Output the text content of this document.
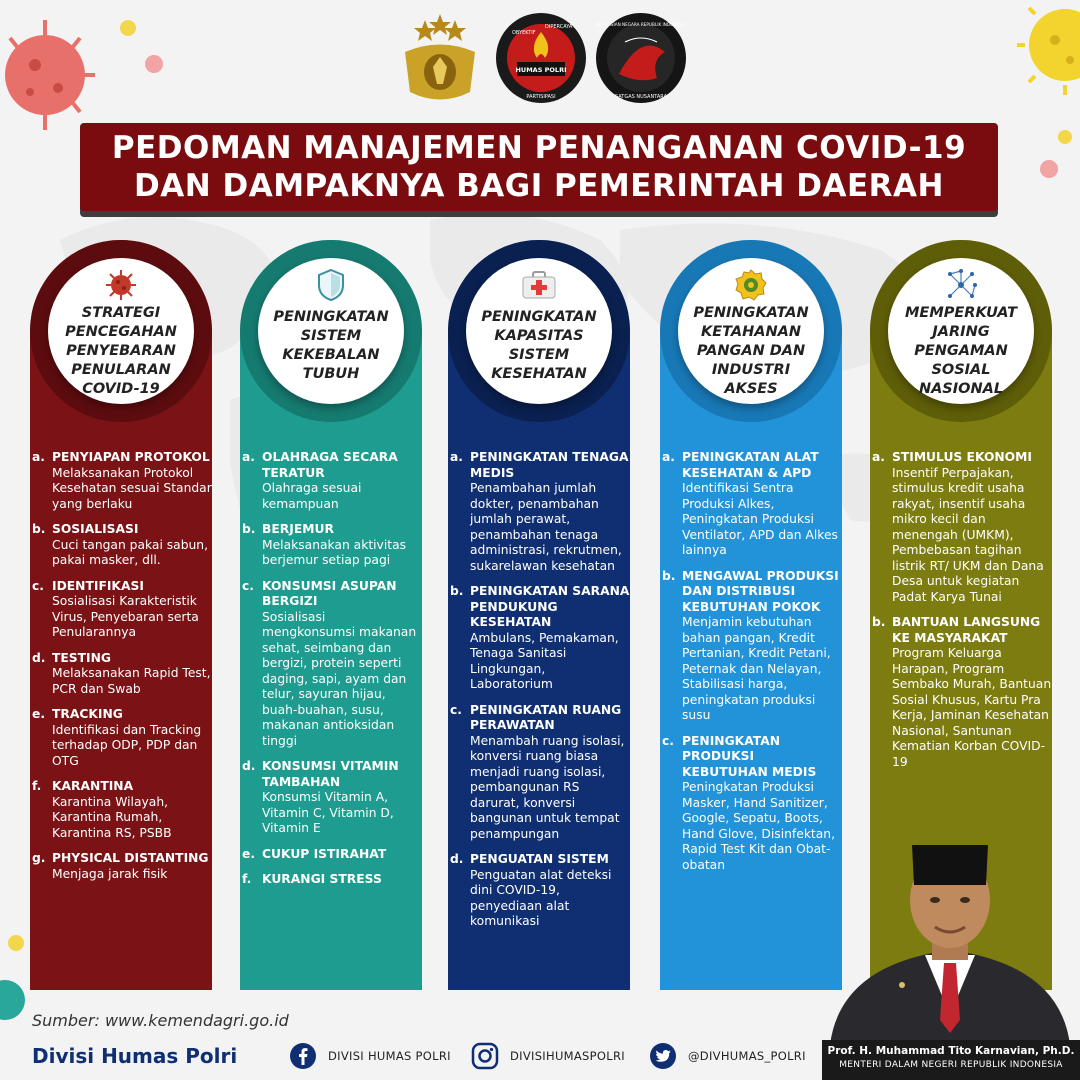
HUMAS POLRI
OBYEKTIF
DIPERCAYA
PARTISIPASI
KEPOLISIAN NEGARA REPUBLIK INDONESIA
SATGAS NUSANTARA
PEDOMAN MANAJEMEN PENANGANAN COVID-19
DAN DAMPAKNYA BAGI PEMERINTAH DAERAH
STRATEGI
PENCEGAHAN
PENYEBARAN
PENULARAN
COVID-19
a. PENYIAPAN PROTOKOL
Melaksanakan Protokol Kesehatan sesuai Standar yang berlaku
b. SOSIALISASI
Cuci tangan pakai sabun, pakai masker, dll.
c. IDENTIFIKASI
Sosialisasi Karakteristik Virus, Penyebaran serta Penularannya
d. TESTING
Melaksanakan Rapid Test, PCR dan Swab
e. TRACKING
Identifikasi dan Tracking terhadap ODP, PDP dan OTG
f. KARANTINA
Karantina Wilayah, Karantina Rumah, Karantina RS, PSBB
g. PHYSICAL DISTANTING
Menjaga jarak fisik
PENINGKATAN
SISTEM
KEKEBALAN
TUBUH
a. OLAHRAGA SECARA TERATUR
Olahraga sesuai kemampuan
b. BERJEMUR
Melaksanakan aktivitas berjemur setiap pagi
c. KONSUMSI ASUPAN BERGIZI
Sosialisasi mengkonsumsi makanan sehat, seimbang dan bergizi, protein seperti daging, sapi, ayam dan telur, sayuran hijau, buah-buahan, susu, makanan antioksidan tinggi
d. KONSUMSI VITAMIN TAMBAHAN
Konsumsi Vitamin A, Vitamin C, Vitamin D, Vitamin E
e. CUKUP ISTIRAHAT
f. KURANGI STRESS
PENINGKATAN
KAPASITAS
SISTEM
KESEHATAN
a. PENINGKATAN TENAGA MEDIS
Penambahan jumlah dokter, penambahan jumlah perawat, penambahan tenaga administrasi, rekrutmen, sukarelawan kesehatan
b. PENINGKATAN SARANA PENDUKUNG KESEHATAN
Ambulans, Pemakaman, Tenaga Sanitasi Lingkungan, Laboratorium
c. PENINGKATAN RUANG PERAWATAN
Menambah ruang isolasi, konversi ruang biasa menjadi ruang isolasi, pembangunan RS darurat, konversi bangunan untuk tempat penampungan
d. PENGUATAN SISTEM
Penguatan alat deteksi dini COVID-19, penyediaan alat komunikasi
PENINGKATAN
KETAHANAN
PANGAN DAN
INDUSTRI
AKSES
a. PENINGKATAN ALAT KESEHATAN & APD
Identifikasi Sentra Produksi Alkes, Peningkatan Produksi Ventilator, APD dan Alkes lainnya
b. MENGAWAL PRODUKSI DAN DISTRIBUSI KEBUTUHAN POKOK
Menjamin kebutuhan bahan pangan, Kredit Pertanian, Kredit Petani, Peternak dan Nelayan, Stabilisasi harga, peningkatan produksi susu
c. PENINGKATAN PRODUKSI KEBUTUHAN MEDIS
Peningkatan Produksi Masker, Hand Sanitizer, Google, Sepatu, Boots, Hand Glove, Disinfektan, Rapid Test Kit dan Obat-obatan
MEMPERKUAT
JARING
PENGAMAN
SOSIAL
NASIONAL
a. STIMULUS EKONOMI
Insentif Perpajakan, stimulus kredit usaha rakyat, insentif usaha mikro kecil dan menengah (UMKM), Pembebasan tagihan listrik RT/ UKM dan Dana Desa untuk kegiatan Padat Karya Tunai
b. BANTUAN LANGSUNG KE MASYARAKAT
Program Keluarga Harapan, Program Sembako Murah, Bantuan Sosial Khusus, Kartu Pra Kerja, Jaminan Kesehatan Nasional, Santunan Kematian Korban COVID-19
Prof. H. Muhammad Tito Karnavian, Ph.D.
MENTERI DALAM NEGERI REPUBLIK INDONESIA
Sumber: www.kemendagri.go.id
Divisi Humas Polri	DIVISI HUMAS POLRI	DIVISIHUMASPOLRI	@DIVHUMAS_POLRI
